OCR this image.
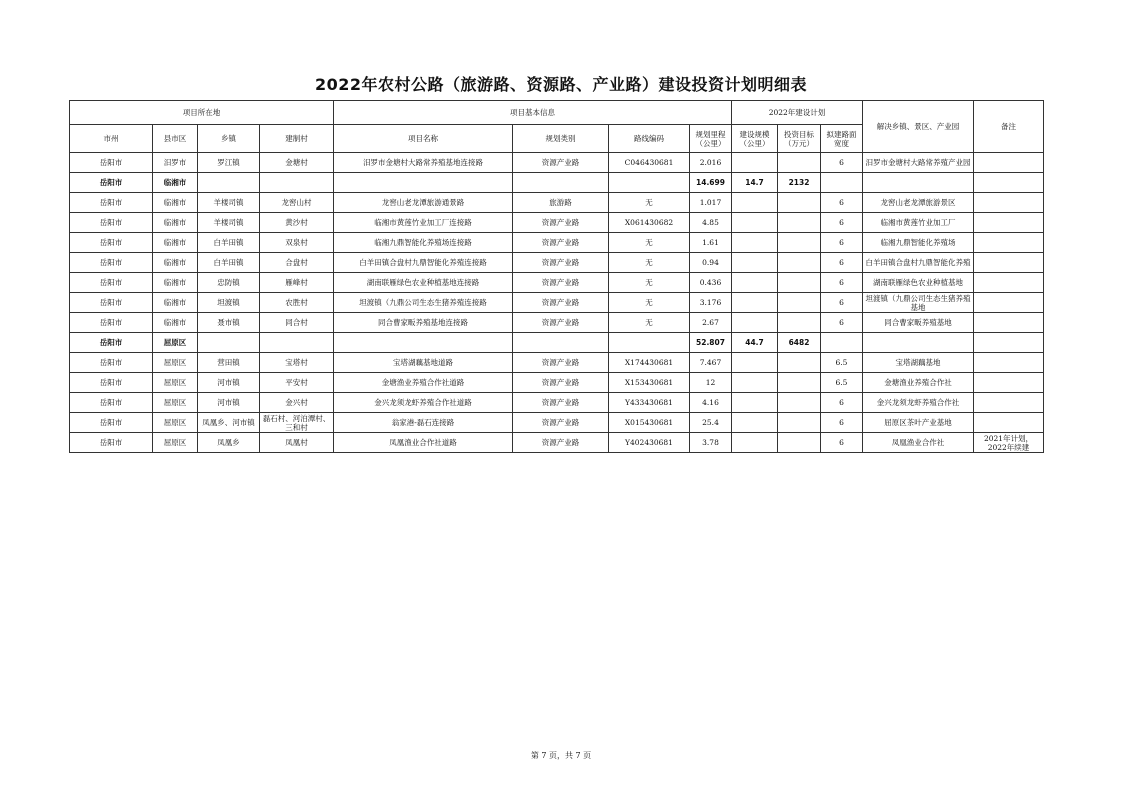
2022年农村公路（旅游路、资源路、产业路）建设投资计划明细表
项目所在地				项目基本信息				2022年建设计划			解决乡镇、景区、产业园	备注
市州	县市区	乡镇	建制村	项目名称	规划类别	路线编码	规划里程（公里）	建设规模（公里）	投资目标（万元）	拟建路面宽度		
岳阳市	汨罗市	罗江镇	金塘村	汨罗市金塘村大路常养殖基地连接路	资源产业路	C046430681	2.016			6	汨罗市金塘村大路常养殖产业园	
岳阳市	临湘市						14.699	14.7	2132			
岳阳市	临湘市	羊楼司镇	龙窖山村	龙窖山老龙潭旅游通景路	旅游路	无	1.017			6	龙窖山老龙潭旅游景区	
岳阳市	临湘市	羊楼司镇	黄沙村	临湘市黄莲竹业加工厂连接路	资源产业路	X061430682	4.85			6	临湘市黄莲竹业加工厂	
岳阳市	临湘市	白羊田镇	双泉村	临湘九鼎智能化养殖场连接路	资源产业路	无	1.61			6	临湘九鼎智能化养殖场	
岳阳市	临湘市	白羊田镇	合盘村	白羊田镇合盘村九鼎智能化养殖连接路	资源产业路	无	0.94			6	白羊田镇合盘村九鼎智能化养殖	
岳阳市	临湘市	忠防镇	雁峰村	湖南联雁绿色农业种植基地连接路	资源产业路	无	0.436			6	湖南联雁绿色农业种植基地	
岳阳市	临湘市	坦渡镇	农胜村	坦渡镇（九鼎公司生态生猪养殖连接路	资源产业路	无	3.176			6	坦渡镇（九鼎公司生态生猪养殖基地	
岳阳市	临湘市	聂市镇	同合村	同合曹家畈养殖基地连接路	资源产业路	无	2.67			6	同合曹家畈养殖基地	
岳阳市	屈原区						52.807	44.7	6482			
岳阳市	屈原区	营田镇	宝塔村	宝塔湖藕基地道路	资源产业路	X174430681	7.467			6.5	宝塔湖藕基地	
岳阳市	屈原区	河市镇	平安村	金塘渔业养殖合作社道路	资源产业路	X153430681	12			6.5	金塘渔业养殖合作社	
岳阳市	屈原区	河市镇	金兴村	金兴龙须龙虾养殖合作社道路	资源产业路	Y433430681	4.16			6	金兴龙须龙虾养殖合作社	
岳阳市	屈原区	凤凰乡、河市镇	磊石村、河泊潭村、三和村	翁家港-磊石连接路	资源产业路	X015430681	25.4			6	屈原区茶叶产业基地	
岳阳市	屈原区	凤凰乡	凤凰村	凤凰渔业合作社道路	资源产业路	Y402430681	3.78			6	凤凰渔业合作社	2021年计划，2022年续建
第 7 页，共 7 页
